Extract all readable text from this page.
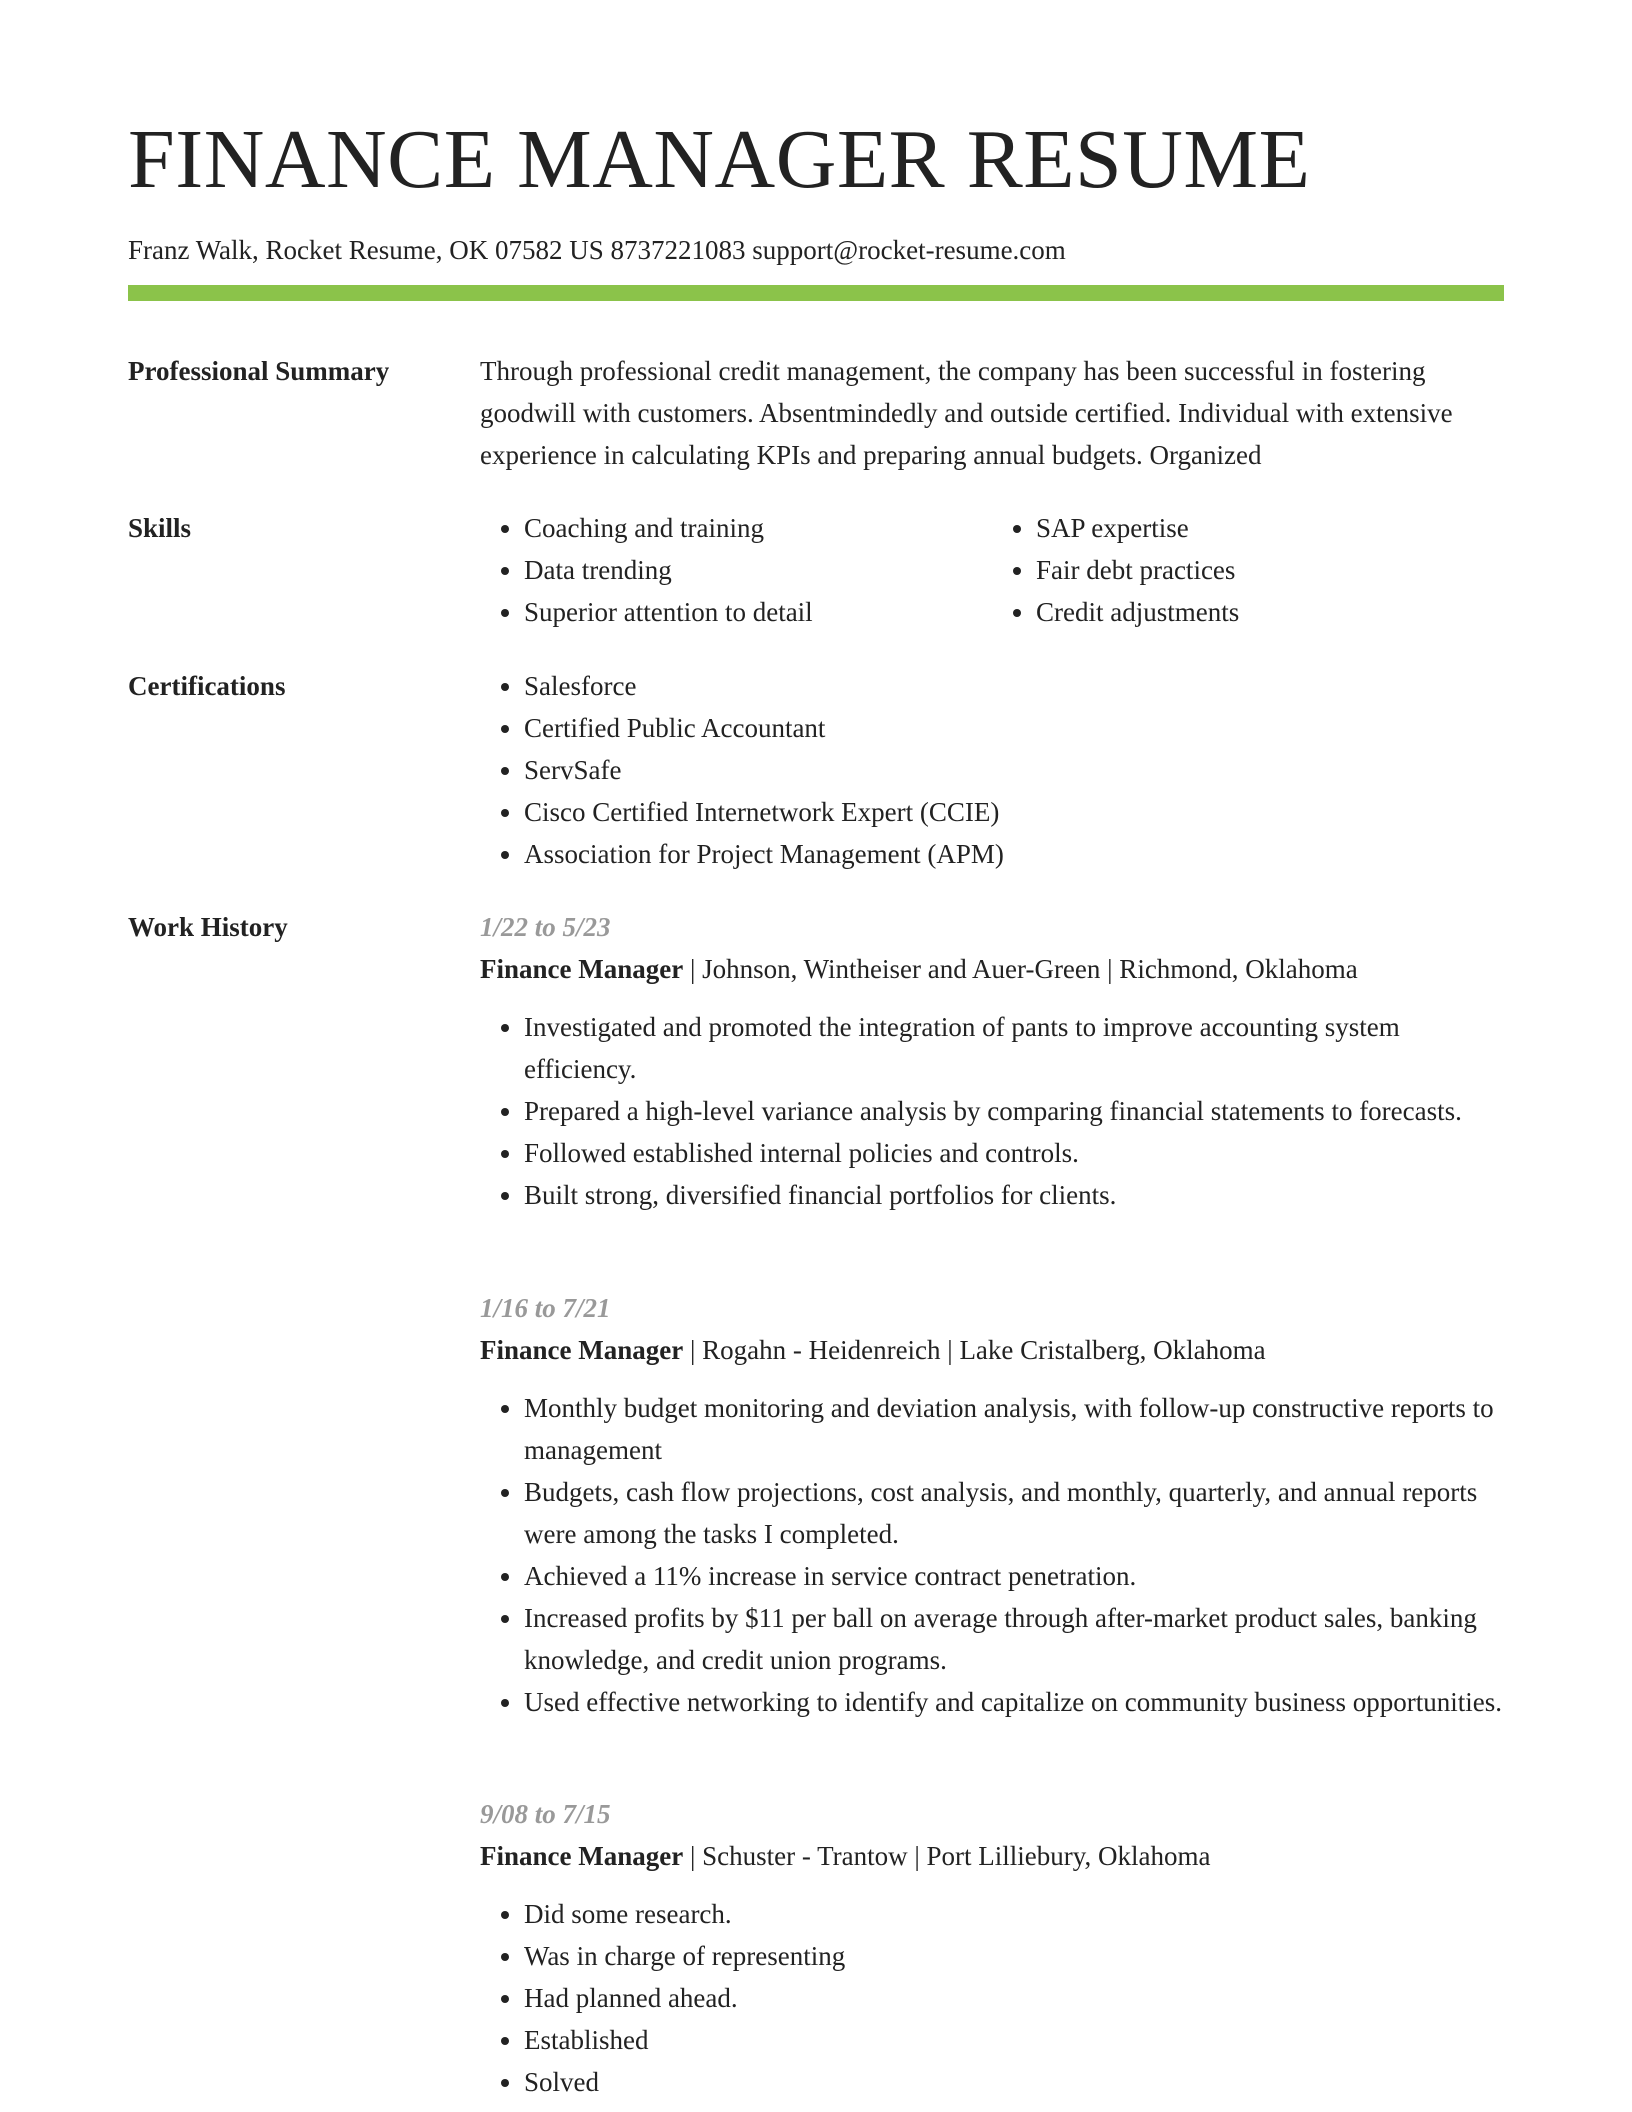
FINANCE MANAGER RESUME
Franz Walk, Rocket Resume, OK 07582 US 8737221083 support@rocket-resume.com
Professional Summary	Through professional credit management, the company has been successful in fostering goodwill with customers. Absentmindedly and outside certified. Individual with extensive experience in calculating KPIs and preparing annual budgets. Organized

Skills	• Coaching and training
• Data trending
• Superior attention to detail
• SAP expertise
• Fair debt practices
• Credit adjustments
Certifications	• Salesforce
• Certified Public Accountant
• ServSafe
• Cisco Certified Internetwork Expert (CCIE)
• Association for Project Management (APM)
Work History	1/22 to 5/23
Finance Manager | Johnson, Wintheiser and Auer-Green | Richmond, Oklahoma
• Investigated and promoted the integration of pants to improve accounting system efficiency.
• Prepared a high-level variance analysis by comparing financial statements to forecasts.
• Followed established internal policies and controls.
• Built strong, diversified financial portfolios for clients.
1/16 to 7/21
Finance Manager | Rogahn - Heidenreich | Lake Cristalberg, Oklahoma
• Monthly budget monitoring and deviation analysis, with follow-up constructive reports to management
• Budgets, cash flow projections, cost analysis, and monthly, quarterly, and annual reports were among the tasks I completed.
• Achieved a 11% increase in service contract penetration.
• Increased profits by $11 per ball on average through after-market product sales, banking knowledge, and credit union programs.
• Used effective networking to identify and capitalize on community business opportunities.
9/08 to 7/15
Finance Manager | Schuster - Trantow | Port Lilliebury, Oklahoma
• Did some research.
• Was in charge of representing
• Had planned ahead.
• Established
• Solved
